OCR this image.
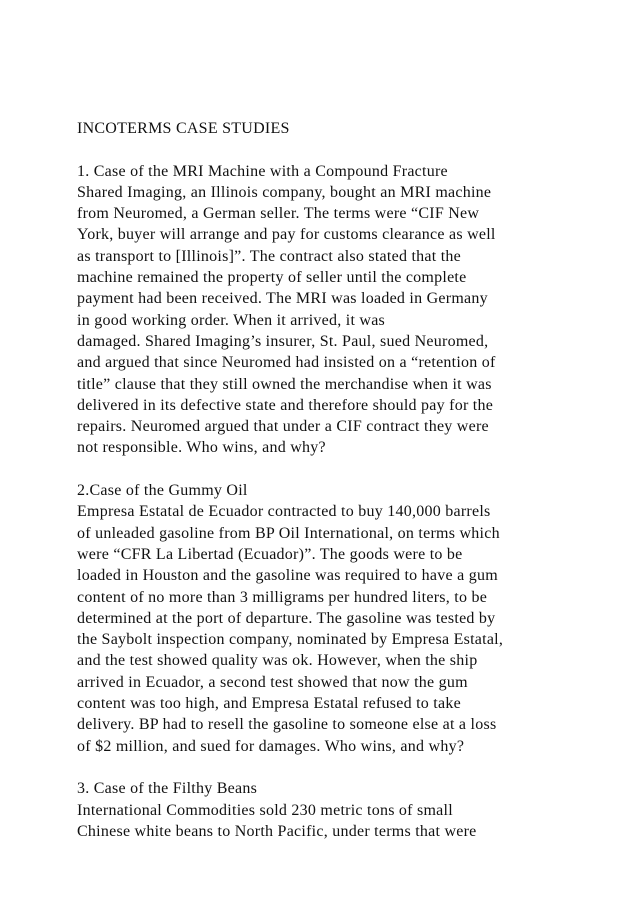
INCOTERMS CASE STUDIES
1. Case of the MRI Machine with a Compound Fracture
Shared Imaging, an Illinois company, bought an MRI machine
from Neuromed, a German seller. The terms were “CIF New
York, buyer will arrange and pay for customs clearance as well
as transport to [Illinois]”. The contract also stated that the
machine remained the property of seller until the complete
payment had been received. The MRI was loaded in Germany
in good working order. When it arrived, it was
damaged. Shared Imaging’s insurer, St. Paul, sued Neuromed,
and argued that since Neuromed had insisted on a “retention of
title” clause that they still owned the merchandise when it was
delivered in its defective state and therefore should pay for the
repairs. Neuromed argued that under a CIF contract they were
not responsible. Who wins, and why?
2.Case of the Gummy Oil
Empresa Estatal de Ecuador contracted to buy 140,000 barrels
of unleaded gasoline from BP Oil International, on terms which
were “CFR La Libertad (Ecuador)”. The goods were to be
loaded in Houston and the gasoline was required to have a gum
content of no more than 3 milligrams per hundred liters, to be
determined at the port of departure. The gasoline was tested by
the Saybolt inspection company, nominated by Empresa Estatal,
and the test showed quality was ok. However, when the ship
arrived in Ecuador, a second test showed that now the gum
content was too high, and Empresa Estatal refused to take
delivery. BP had to resell the gasoline to someone else at a loss
of $2 million, and sued for damages. Who wins, and why?
3. Case of the Filthy Beans
International Commodities sold 230 metric tons of small
Chinese white beans to North Pacific, under terms that were
